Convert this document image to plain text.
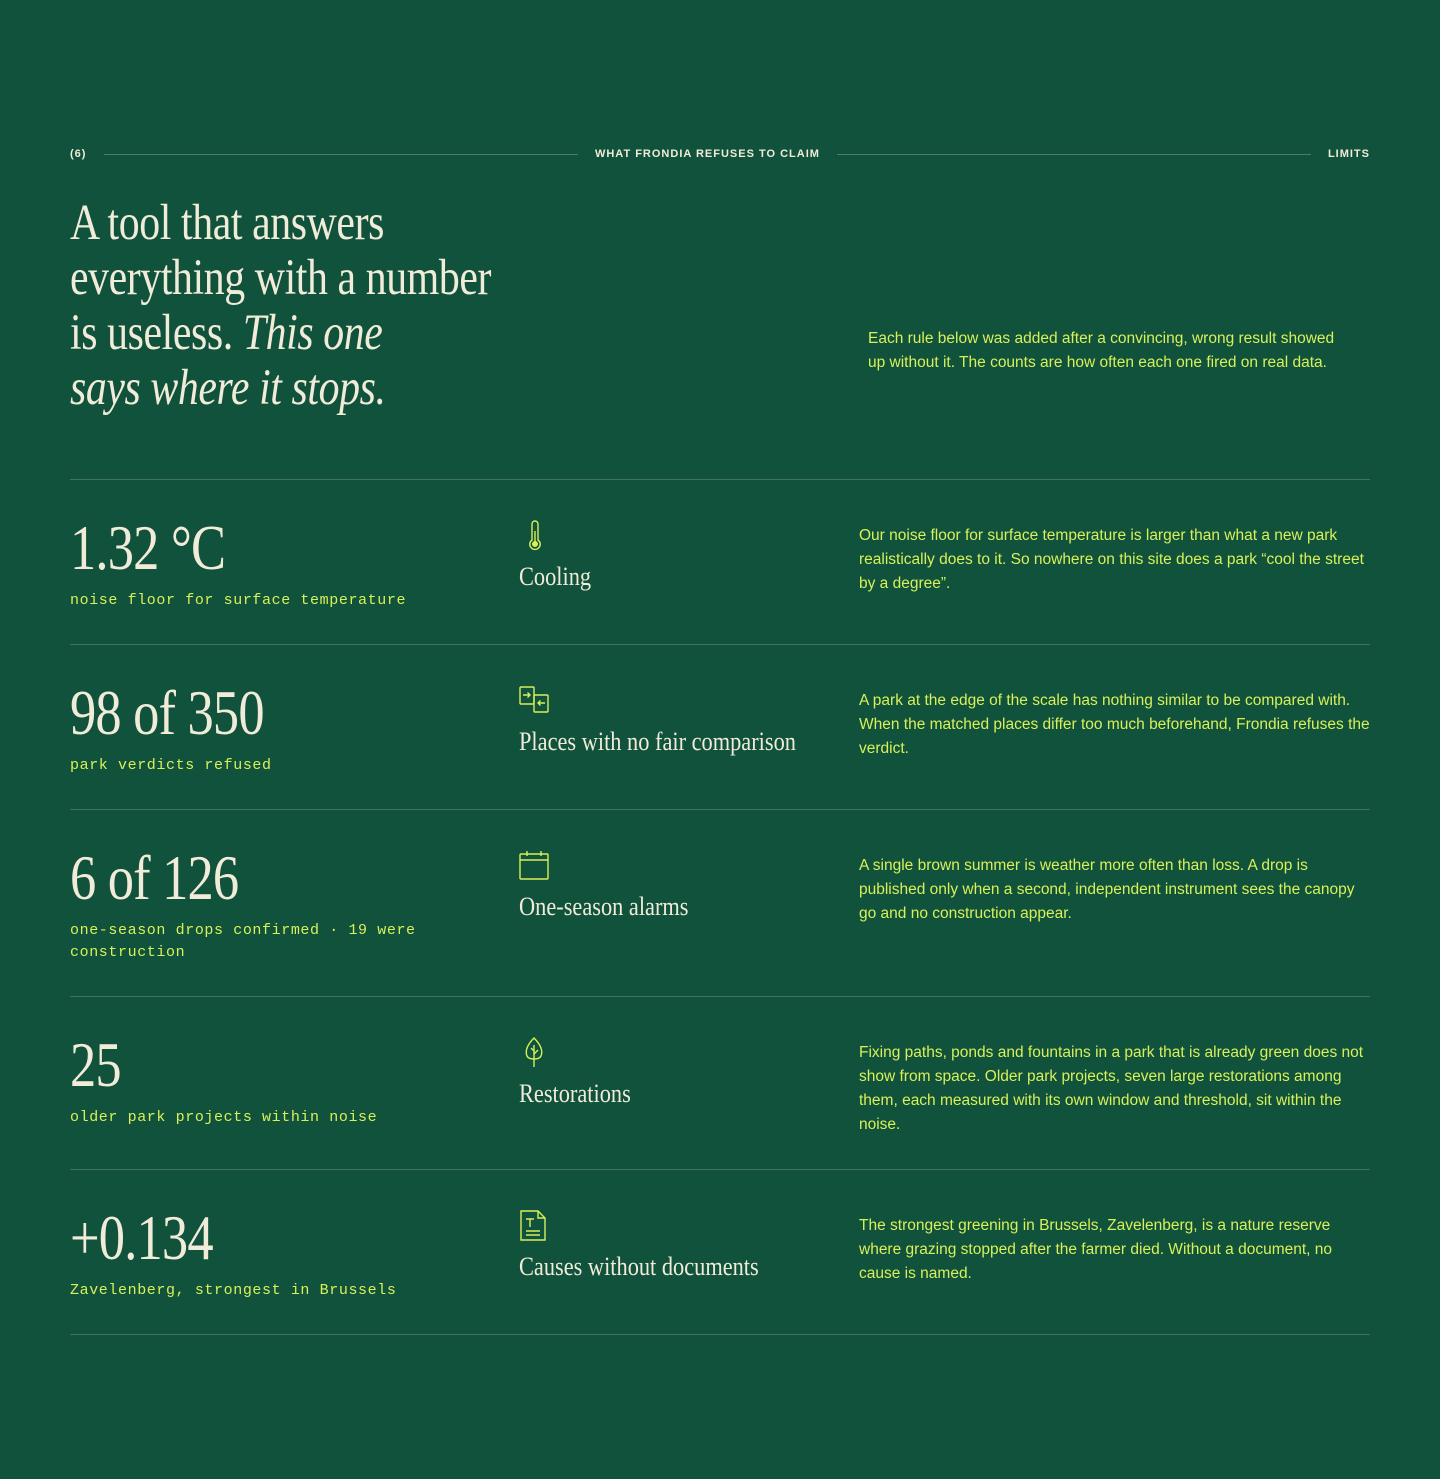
(6)	WHAT FRONDIA REFUSES TO CLAIM	LIMITS
A tool that answers
everything with a number
is useless. This one
says where it stops.

Each rule below was added after a convincing, wrong result showed up without it. The counts are how often each one fired on real data.

1.32 °C
noise floor for surface temperature
Cooling

Our noise floor for surface temperature is larger than what a new park realistically does to it. So nowhere on this site does a park “cool the street by a degree”.

98 of 350
park verdicts refused
Places with no fair comparison

A park at the edge of the scale has nothing similar to be compared with. When the matched places differ too much beforehand, Frondia refuses the verdict.

6 of 126
one-season drops confirmed · 19 were construction
One-season alarms

A single brown summer is weather more often than loss. A drop is published only when a second, independent instrument sees the canopy go and no construction appear.

25
older park projects within noise
Restorations

Fixing paths, ponds and fountains in a park that is already green does not show from space. Older park projects, seven large restorations among them, each measured with its own window and threshold, sit within the noise.

+0.134
Zavelenberg, strongest in Brussels
Causes without documents

The strongest greening in Brussels, Zavelenberg, is a nature reserve where grazing stopped after the farmer died. Without a document, no cause is named.
